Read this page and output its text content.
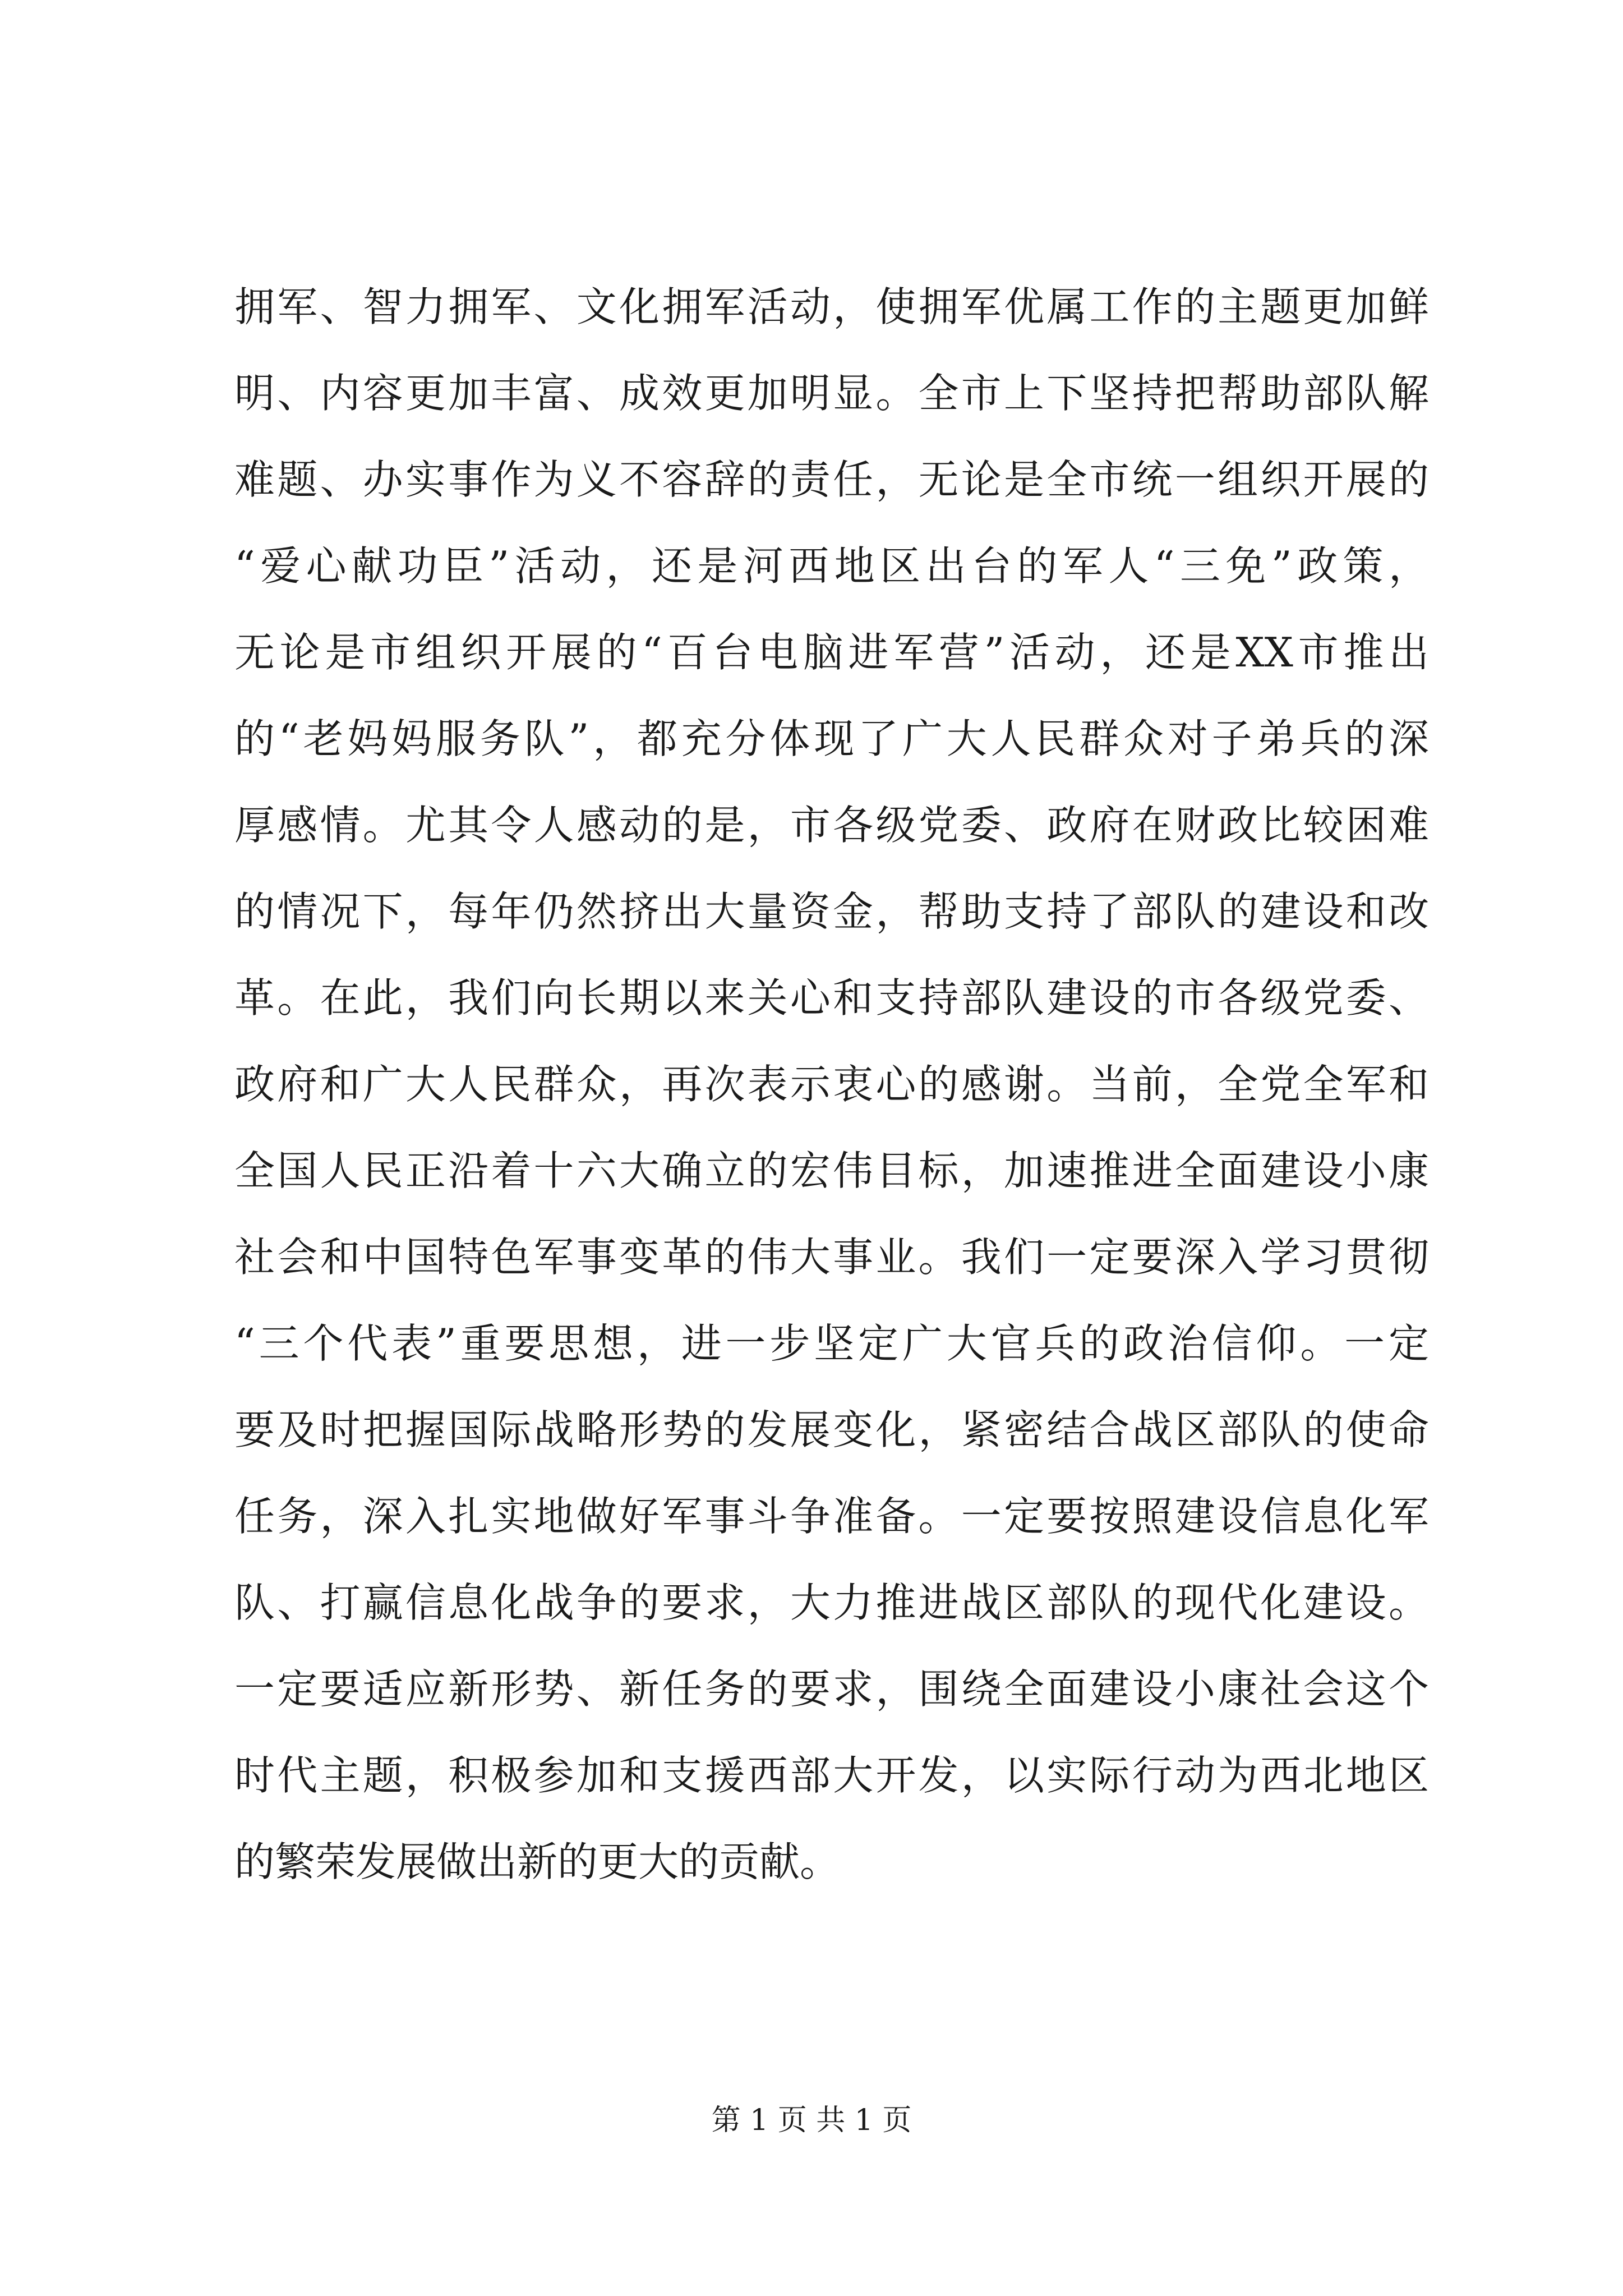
拥军、智力拥军、文化拥军活动，使拥军优属工作的主题更加鲜
明、内容更加丰富、成效更加明显。全市上下坚持把帮助部队解
难题、办实事作为义不容辞的责任，无论是全市统一组织开展的
“爱心献功臣”活动，还是河西地区出台的军人“三免”政策，
无论是市组织开展的“百台电脑进军营”活动，还是XX市推出
的“老妈妈服务队”，都充分体现了广大人民群众对子弟兵的深
厚感情。尤其令人感动的是，市各级党委、政府在财政比较困难
的情况下，每年仍然挤出大量资金，帮助支持了部队的建设和改
革。在此，我们向长期以来关心和支持部队建设的市各级党委、
政府和广大人民群众，再次表示衷心的感谢。当前，全党全军和
全国人民正沿着十六大确立的宏伟目标，加速推进全面建设小康
社会和中国特色军事变革的伟大事业。我们一定要深入学习贯彻
“三个代表”重要思想，进一步坚定广大官兵的政治信仰。一定
要及时把握国际战略形势的发展变化，紧密结合战区部队的使命
任务，深入扎实地做好军事斗争准备。一定要按照建设信息化军
队、打赢信息化战争的要求，大力推进战区部队的现代化建设。
一定要适应新形势、新任务的要求，围绕全面建设小康社会这个
时代主题，积极参加和支援西部大开发，以实际行动为西北地区
的繁荣发展做出新的更大的贡献。
第 1 页 共 1 页
